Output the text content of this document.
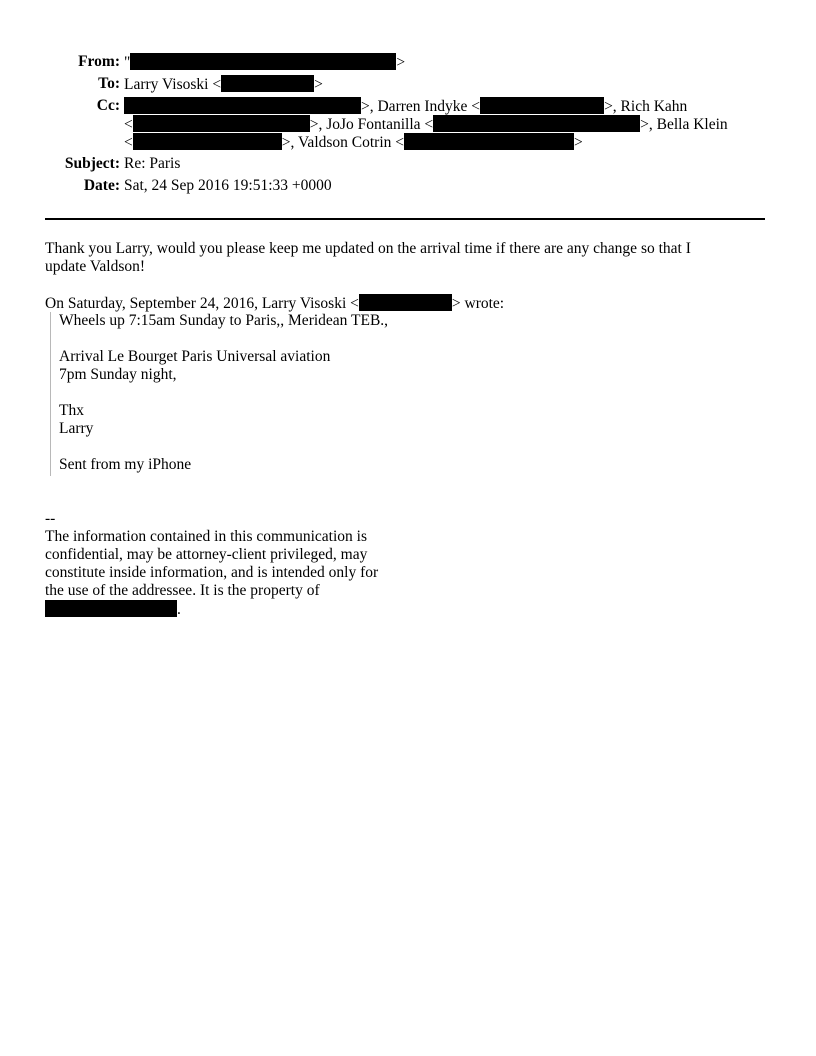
From: "	>
To: Larry Visoski <	>
Cc:	>, Darren Indyke <	>, Rich Kahn
<	>, JoJo Fontanilla <	>, Bella Klein
<	>, Valdson Cotrin <	>
Subject: Re: Paris
Date: Sat, 24 Sep 2016 19:51:33 +0000
Thank you Larry, would you please keep me updated on the arrival time if there are any change so that I
update Valdson!
On Saturday, September 24, 2016, Larry Visoski <	> wrote:
Wheels up 7:15am Sunday to Paris,, Meridean TEB.,
Arrival Le Bourget Paris Universal aviation
7pm Sunday night,
Thx
Larry
Sent from my iPhone
--
The information contained in this communication is
confidential, may be attorney-client privileged, may
constitute inside information, and is intended only for
the use of the addressee. It is the property of
.
